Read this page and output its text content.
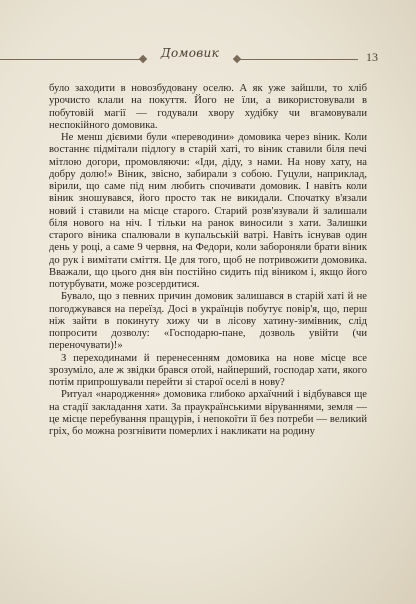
Домовик	13

було заходити в новозбудовану оселю. А як уже зайшли, то хліб урочисто клали на покуття. Його не їли, а використовували в побутовій магії — годували хвору худібку чи вгамовували неспокійного домовика.

Не менш дієвими були «переводини» домовика через віник. Коли востаннє підмітали підлогу в старій хаті, то віник ставили біля печі мітлою догори, промовляючи: «Іди, діду, з нами. На нову хату, на добру долю!» Віник, звісно, забирали з собою. Гуцули, наприклад, вірили, що саме під ним любить спочивати домовик. І навіть коли віник зношувався, його просто так не викидали. Спочатку в'язали новий і ставили на місце старого. Старий розв'язували й залишали біля нового на ніч. І тільки на ранок виносили з хати. Залишки старого віника спалювали в купальській ватрі. Навіть існував один день у році, а саме 9 червня, на Федори, коли забороняли брати віник до рук і вимітати сміття. Це для того, щоб не потривожити домовика. Вважали, що цього дня він постійно сидить під віником і, якщо його потурбувати, може розсердитися.

Бувало, що з певних причин домовик залишався в старій хаті й не погоджувався на переїзд. Досі в українців побутує повір'я, що, перш ніж зайти в покинуту хижу чи в лісову хатину-зимівник, слід попросити дозволу: «Господарю-пане, дозволь увійти (чи переночувати)!»

З переходинами й перенесенням домовика на нове місце все зрозуміло, але ж звідки брався отой, найперший, господар хати, якого потім припрошували перейти зі старої оселі в нову?

Ритуал «народження» домовика глибоко архаїчний і відбувався ще на стадії закладання хати. За праукраїнськими віруваннями, земля — це місце перебування пращурів, і непокоїти її без потреби — великий гріх, бо можна розгнівити померлих і накликати на родину
